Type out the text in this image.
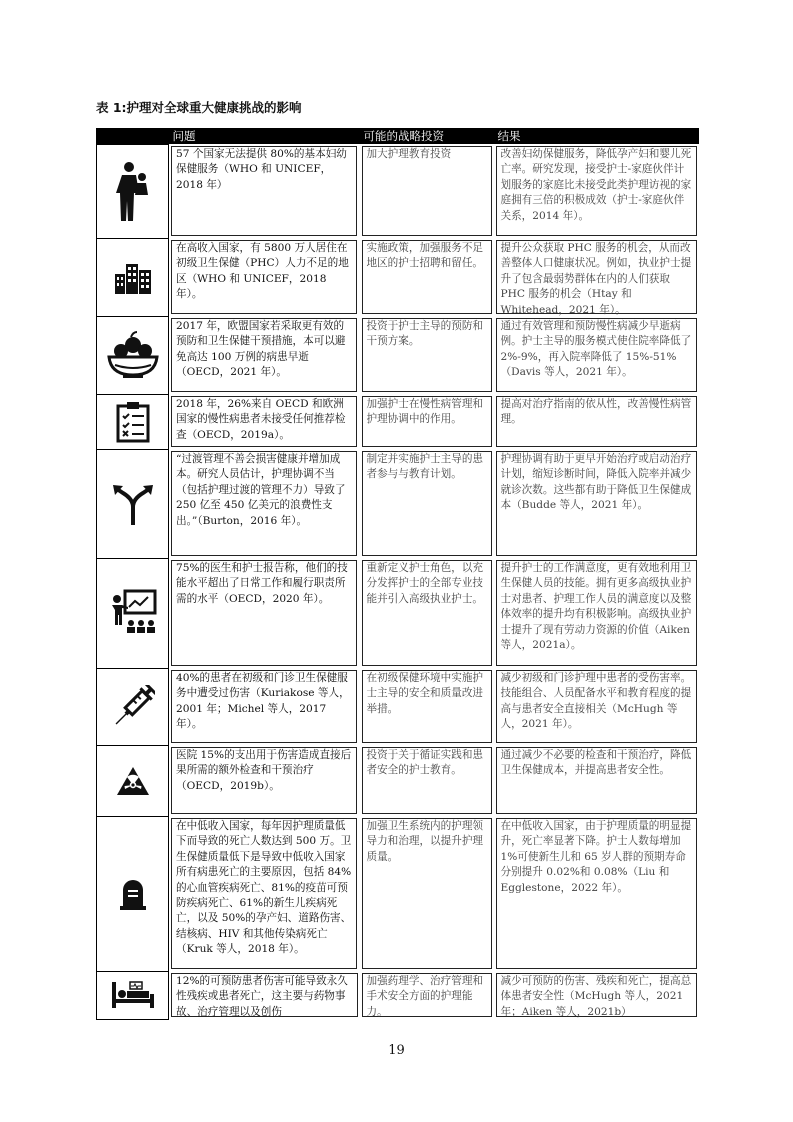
表 1:护理对全球重大健康挑战的影响
	问题	可能的战略投资	结果

57 个国家无法提供 80%的基本妇幼保健服务（WHO 和 UNICEF，2018 年）	加大护理教育投资	改善妇幼保健服务，降低孕产妇和婴儿死亡率。研究发现，接受护士-家庭伙伴计划服务的家庭比未接受此类护理访视的家庭拥有三倍的积极成效（护士-家庭伙伴关系，2014 年）。

在高收入国家，有 5800 万人居住在初级卫生保健（PHC）人力不足的地区（WHO 和 UNICEF，2018 年）。	实施政策，加强服务不足地区的护士招聘和留任。	提升公众获取 PHC 服务的机会，从而改善整体人口健康状况。例如，执业护士提升了包含最弱势群体在内的人们获取 PHC 服务的机会（Htay 和 Whitehead，2021 年）。

2017 年，欧盟国家若采取更有效的预防和卫生保健干预措施，本可以避免高达 100 万例的病患早逝（OECD，2021 年）。	投资于护士主导的预防和干预方案。	通过有效管理和预防慢性病减少早逝病例。护士主导的服务模式使住院率降低了 2%-9%，再入院率降低了 15%-51%（Davis 等人，2021 年）。

2018 年，26%来自 OECD 和欧洲国家的慢性病患者未接受任何推荐检查（OECD，2019a）。	加强护士在慢性病管理和护理协调中的作用。	提高对治疗指南的依从性，改善慢性病管理。

“过渡管理不善会损害健康并增加成本。研究人员估计，护理协调不当（包括护理过渡的管理不力）导致了 250 亿至 450 亿美元的浪费性支出。”（Burton，2016 年）。	制定并实施护士主导的患者参与与教育计划。	护理协调有助于更早开始治疗或启动治疗计划，缩短诊断时间，降低入院率并减少就诊次数。这些都有助于降低卫生保健成本（Budde 等人，2021 年）。

75%的医生和护士报告称，他们的技能水平超出了日常工作和履行职责所需的水平（OECD，2020 年）。	重新定义护士角色，以充分发挥护士的全部专业技能并引入高级执业护士。	提升护士的工作满意度，更有效地利用卫生保健人员的技能。拥有更多高级执业护士对患者、护理工作人员的满意度以及整体效率的提升均有积极影响。高级执业护士提升了现有劳动力资源的价值（Aiken 等人，2021a）。

40%的患者在初级和门诊卫生保健服务中遭受过伤害（Kuriakose 等人，2001 年；Michel 等人，2017 年）。	在初级保健环境中实施护士主导的安全和质量改进举措。	减少初级和门诊护理中患者的受伤害率。技能组合、人员配备水平和教育程度的提高与患者安全直接相关（McHugh 等人，2021 年）。

医院 15%的支出用于伤害造成直接后果所需的额外检查和干预治疗（OECD，2019b）。	投资于关于循证实践和患者安全的护士教育。	通过减少不必要的检查和干预治疗，降低卫生保健成本，并提高患者安全性。

在中低收入国家，每年因护理质量低下而导致的死亡人数达到 500 万。卫生保健质量低下是导致中低收入国家所有病患死亡的主要原因，包括 84%的心血管疾病死亡、81%的疫苗可预防疾病死亡、61%的新生儿疾病死亡，以及 50%的孕产妇、道路伤害、结核病、HIV 和其他传染病死亡（Kruk 等人，2018 年）。	加强卫生系统内的护理领导力和治理，以提升护理质量。	在中低收入国家，由于护理质量的明显提升，死亡率显著下降。护士人数每增加 1%可使新生儿和 65 岁人群的预期寿命分别提升 0.02%和 0.08%（Liu 和 Egglestone，2022 年）。

12%的可预防患者伤害可能导致永久性残疾或患者死亡，这主要与药物事故、治疗管理以及创伤	加强药理学、治疗管理和手术安全方面的护理能力。	减少可预防的伤害、残疾和死亡，提高总体患者安全性（McHugh 等人，2021 年；Aiken 等人，2021b）
19
